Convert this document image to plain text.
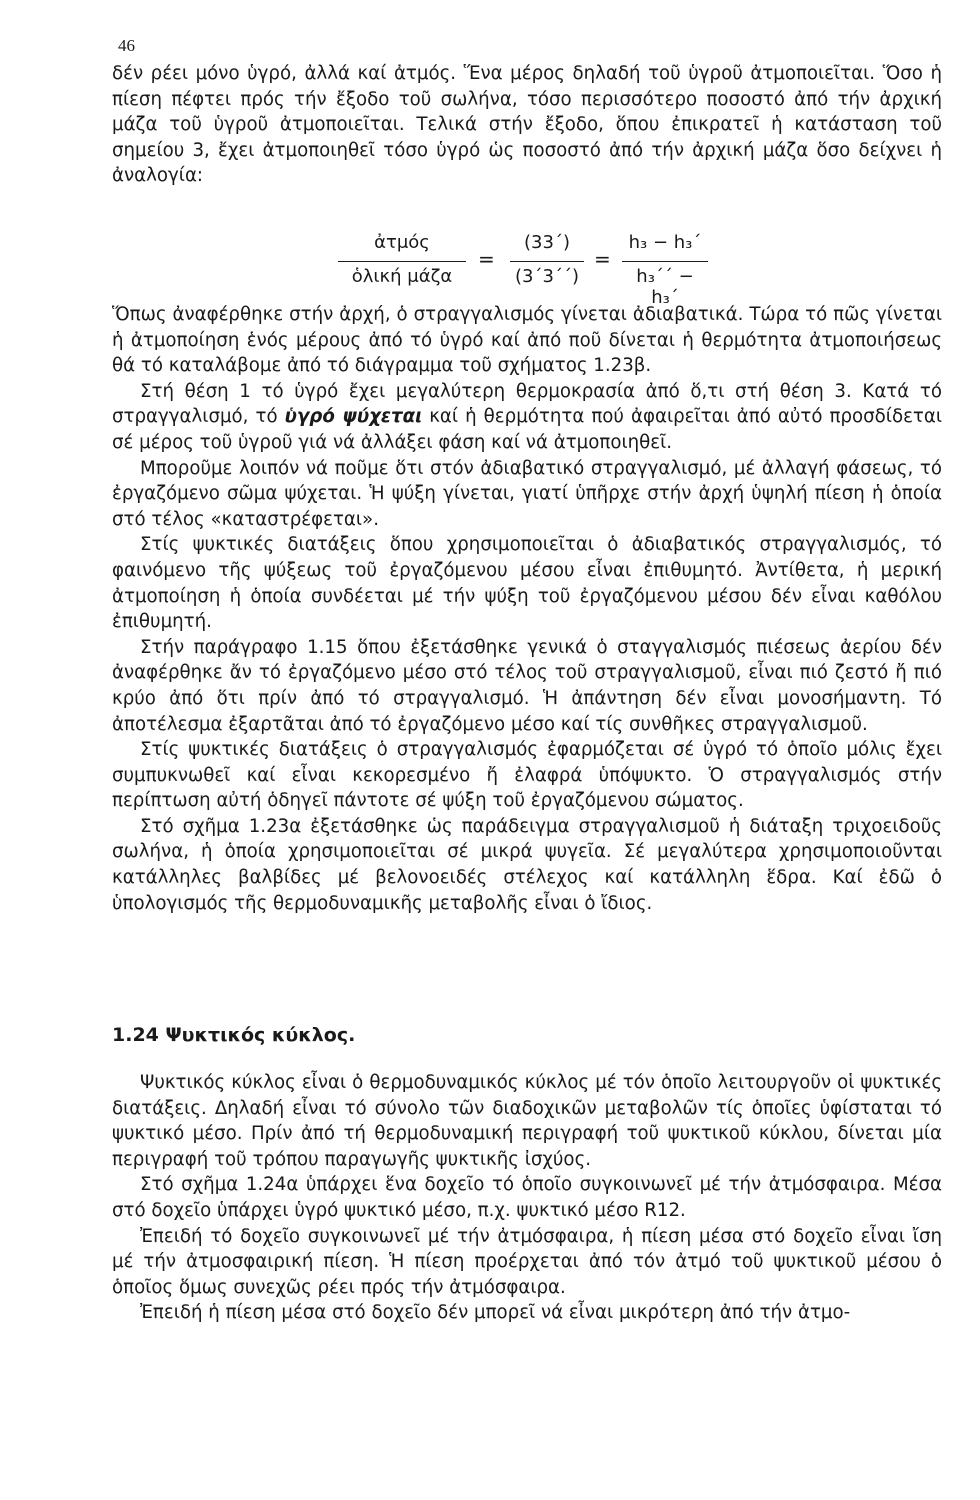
46

δέν ρέει μόνο ὑγρό, ἀλλά καί ἀτμός. Ἕνα μέρος δηλαδή τοῦ ὑγροῦ ἀτμοποιεῖται. Ὅσο ἡ πίεση πέφτει πρός τήν ἔξοδο τοῦ σωλήνα, τόσο περισσότερο ποσοστό ἀπό τήν ἀρχική μάζα τοῦ ὑγροῦ ἀτμοποιεῖται. Τελικά στήν ἔξοδο, ὅπου ἐπικρατεῖ ἡ κατάσταση τοῦ σημείου 3, ἔχει ἀτμοποιηθεῖ τόσο ὑγρό ὡς ποσοστό ἀπό τήν ἀρχική μάζα ὅσο δείχνει ἡ ἀναλογία:

ἀτμός
ὁλική μάζα
=
(33΄)
(3΄3΄΄)
=
h₃ − h₃΄
h₃΄΄ − h₃΄

Ὅπως ἀναφέρθηκε στήν ἀρχή, ὁ στραγγαλισμός γίνεται ἀδιαβατικά. Τώρα τό πῶς γίνεται ἡ ἀτμοποίηση ἑνός μέρους ἀπό τό ὑγρό καί ἀπό ποῦ δίνεται ἡ θερμότητα ἀτμοποιήσεως θά τό καταλάβομε ἀπό τό διάγραμμα τοῦ σχήματος 1.23β.

Στή θέση 1 τό ὑγρό ἔχει μεγαλύτερη θερμοκρασία ἀπό ὅ,τι στή θέση 3. Κατά τό στραγγαλισμό, τό ὑγρό ψύχεται καί ἡ θερμότητα πού ἀφαιρεῖται ἀπό αὐτό προσδίδεται σέ μέρος τοῦ ὑγροῦ γιά νά ἀλλάξει φάση καί νά ἀτμοποιηθεῖ.

Μποροῦμε λοιπόν νά ποῦμε ὅτι στόν ἀδιαβατικό στραγγαλισμό, μέ ἀλλαγή φάσεως, τό ἐργαζόμενο σῶμα ψύχεται. Ἡ ψύξη γίνεται, γιατί ὑπῆρχε στήν ἀρχή ὑψηλή πίεση ἡ ὁποία στό τέλος «καταστρέφεται».

Στίς ψυκτικές διατάξεις ὅπου χρησιμοποιεῖται ὁ ἀδιαβατικός στραγγαλισμός, τό φαινόμενο τῆς ψύξεως τοῦ ἐργαζόμενου μέσου εἶναι ἐπιθυμητό. Ἀντίθετα, ἡ μερική ἀτμοποίηση ἡ ὁποία συνδέεται μέ τήν ψύξη τοῦ ἐργαζόμενου μέσου δέν εἶναι καθόλου ἐπιθυμητή.

Στήν παράγραφο 1.15 ὅπου ἐξετάσθηκε γενικά ὁ σταγγαλισμός πιέσεως ἀερίου δέν ἀναφέρθηκε ἄν τό ἐργαζόμενο μέσο στό τέλος τοῦ στραγγαλισμοῦ, εἶναι πιό ζεστό ἤ πιό κρύο ἀπό ὅτι πρίν ἀπό τό στραγγαλισμό. Ἡ ἀπάντηση δέν εἶναι μονοσήμαντη. Τό ἀποτέλεσμα ἐξαρτᾶται ἀπό τό ἐργαζόμενο μέσο καί τίς συνθῆκες στραγγαλισμοῦ.

Στίς ψυκτικές διατάξεις ὁ στραγγαλισμός ἐφαρμόζεται σέ ὑγρό τό ὁποῖο μόλις ἔχει συμπυκνωθεῖ καί εἶναι κεκορεσμένο ἤ ἐλαφρά ὑπόψυκτο. Ὁ στραγγαλισμός στήν περίπτωση αὐτή ὁδηγεῖ πάντοτε σέ ψύξη τοῦ ἐργαζόμενου σώματος.

Στό σχῆμα 1.23α ἐξετάσθηκε ὡς παράδειγμα στραγγαλισμοῦ ἡ διάταξη τριχοειδοῦς σωλήνα, ἡ ὁποία χρησιμοποιεῖται σέ μικρά ψυγεῖα. Σέ μεγαλύτερα χρησιμοποιοῦνται κατάλληλες βαλβίδες μέ βελονοειδές στέλεχος καί κατάλληλη ἕδρα. Καί ἐδῶ ὁ ὑπολογισμός τῆς θερμοδυναμικῆς μεταβολῆς εἶναι ὁ ἴδιος.

1.24 Ψυκτικός κύκλος.

Ψυκτικός κύκλος εἶναι ὁ θερμοδυναμικός κύκλος μέ τόν ὁποῖο λειτουργοῦν οἱ ψυκτικές διατάξεις. Δηλαδή εἶναι τό σύνολο τῶν διαδοχικῶν μεταβολῶν τίς ὁποῖες ὑφίσταται τό ψυκτικό μέσο. Πρίν ἀπό τή θερμοδυναμική περιγραφή τοῦ ψυκτικοῦ κύκλου, δίνεται μία περιγραφή τοῦ τρόπου παραγωγῆς ψυκτικῆς ἰσχύος.

Στό σχῆμα 1.24α ὑπάρχει ἕνα δοχεῖο τό ὁποῖο συγκοινωνεῖ μέ τήν ἀτμόσφαιρα. Μέσα στό δοχεῖο ὑπάρχει ὑγρό ψυκτικό μέσο, π.χ. ψυκτικό μέσο R12.

Ἐπειδή τό δοχεῖο συγκοινωνεῖ μέ τήν ἀτμόσφαιρα, ἡ πίεση μέσα στό δοχεῖο εἶναι ἴση μέ τήν ἀτμοσφαιρική πίεση. Ἡ πίεση προέρχεται ἀπό τόν ἀτμό τοῦ ψυκτικοῦ μέσου ὁ ὁποῖος ὅμως συνεχῶς ρέει πρός τήν ἀτμόσφαιρα.

Ἐπειδή ἡ πίεση μέσα στό δοχεῖο δέν μπορεῖ νά εἶναι μικρότερη ἀπό τήν ἀτμο-
